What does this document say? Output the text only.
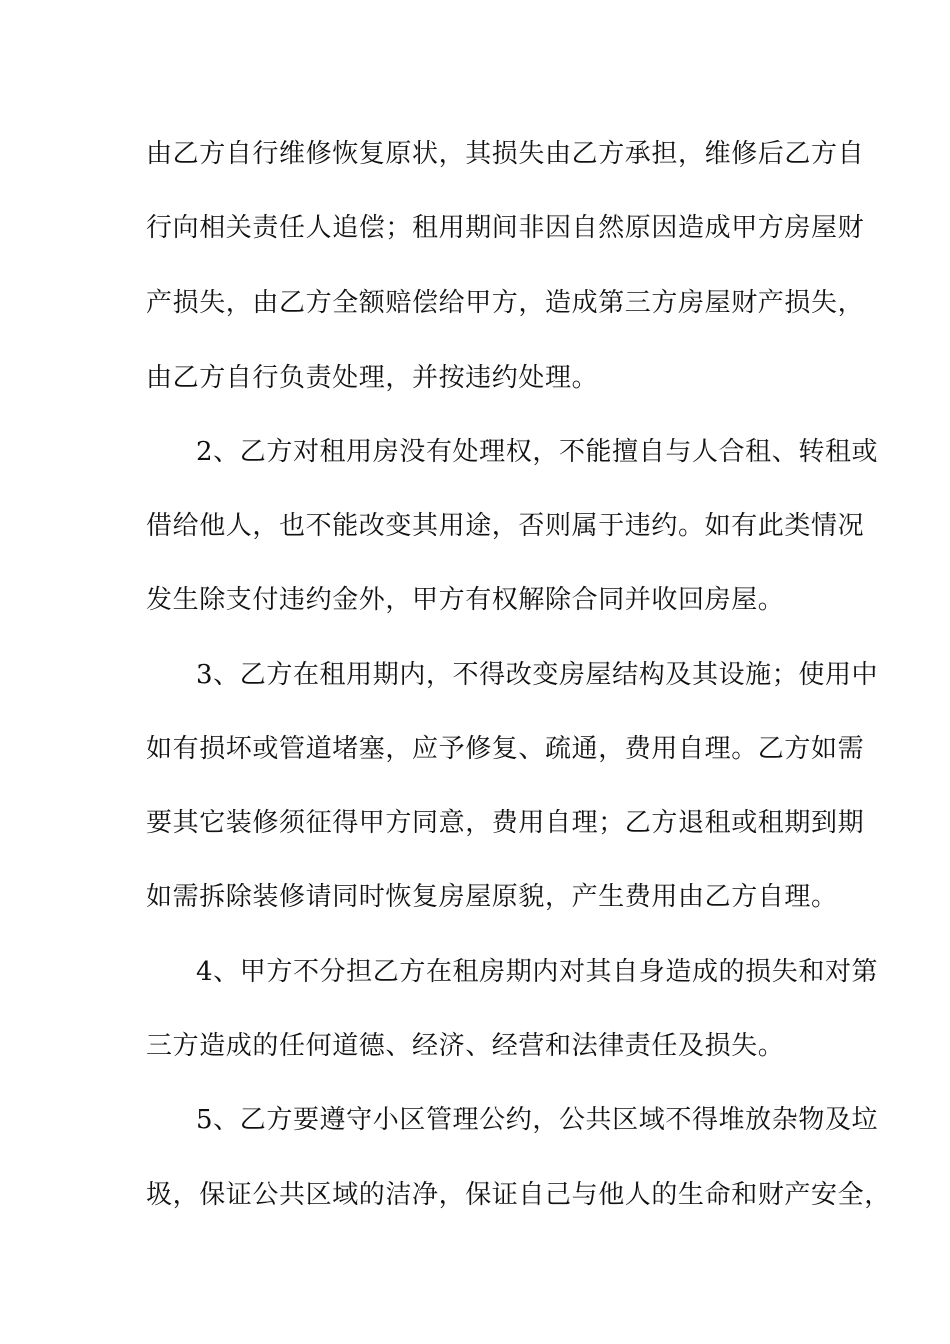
由乙方自行维修恢复原状，其损失由乙方承担，维修后乙方自
行向相关责任人追偿；租用期间非因自然原因造成甲方房屋财
产损失，由乙方全额赔偿给甲方，造成第三方房屋财产损失，
由乙方自行负责处理，并按违约处理。
2、乙方对租用房没有处理权，不能擅自与人合租、转租或
借给他人，也不能改变其用途，否则属于违约。如有此类情况
发生除支付违约金外，甲方有权解除合同并收回房屋。
3、乙方在租用期内，不得改变房屋结构及其设施；使用中
如有损坏或管道堵塞，应予修复、疏通，费用自理。乙方如需
要其它装修须征得甲方同意，费用自理；乙方退租或租期到期
如需拆除装修请同时恢复房屋原貌，产生费用由乙方自理。
4、甲方不分担乙方在租房期内对其自身造成的损失和对第
三方造成的任何道德、经济、经营和法律责任及损失。
5、乙方要遵守小区管理公约，公共区域不得堆放杂物及垃
圾，保证公共区域的洁净，保证自己与他人的生命和财产安全，
